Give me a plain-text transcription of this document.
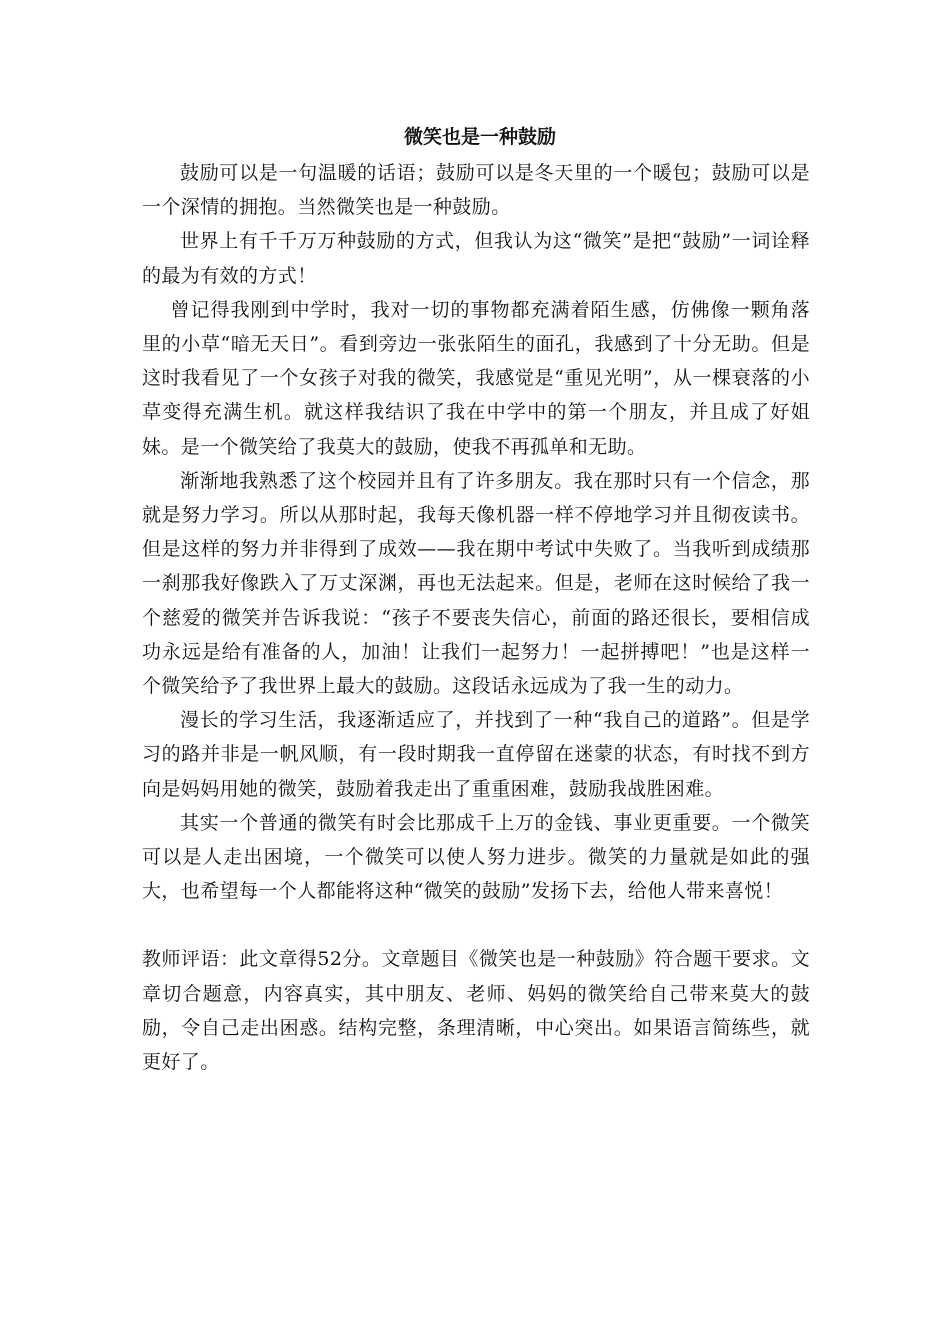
微笑也是一种鼓励

鼓励可以是一句温暖的话语；鼓励可以是冬天里的一个暖包；鼓励可以是一个深情的拥抱。当然微笑也是一种鼓励。

世界上有千千万万种鼓励的方式，但我认为这“微笑”是把“鼓励”一词诠释的最为有效的方式！

曾记得我刚到中学时，我对一切的事物都充满着陌生感，仿佛像一颗角落里的小草“暗无天日”。看到旁边一张张陌生的面孔，我感到了十分无助。但是这时我看见了一个女孩子对我的微笑，我感觉是“重见光明”，从一棵衰落的小草变得充满生机。就这样我结识了我在中学中的第一个朋友，并且成了好姐妹。是一个微笑给了我莫大的鼓励，使我不再孤单和无助。

渐渐地我熟悉了这个校园并且有了许多朋友。我在那时只有一个信念，那就是努力学习。所以从那时起，我每天像机器一样不停地学习并且彻夜读书。但是这样的努力并非得到了成效——我在期中考试中失败了。当我听到成绩那一刹那我好像跌入了万丈深渊，再也无法起来。但是，老师在这时候给了我一个慈爱的微笑并告诉我说：“孩子不要丧失信心，前面的路还很长，要相信成功永远是给有准备的人，加油！让我们一起努力！一起拼搏吧！”也是这样一个微笑给予了我世界上最大的鼓励。这段话永远成为了我一生的动力。

漫长的学习生活，我逐渐适应了，并找到了一种“我自己的道路”。但是学习的路并非是一帆风顺，有一段时期我一直停留在迷蒙的状态，有时找不到方向是妈妈用她的微笑，鼓励着我走出了重重困难，鼓励我战胜困难。

其实一个普通的微笑有时会比那成千上万的金钱、事业更重要。一个微笑可以是人走出困境，一个微笑可以使人努力进步。微笑的力量就是如此的强大，也希望每一个人都能将这种“微笑的鼓励”发扬下去，给他人带来喜悦！

教师评语：此文章得52分。文章题目《微笑也是一种鼓励》符合题干要求。文章切合题意，内容真实，其中朋友、老师、妈妈的微笑给自己带来莫大的鼓励，令自己走出困惑。结构完整，条理清晰，中心突出。如果语言简练些，就更好了。
